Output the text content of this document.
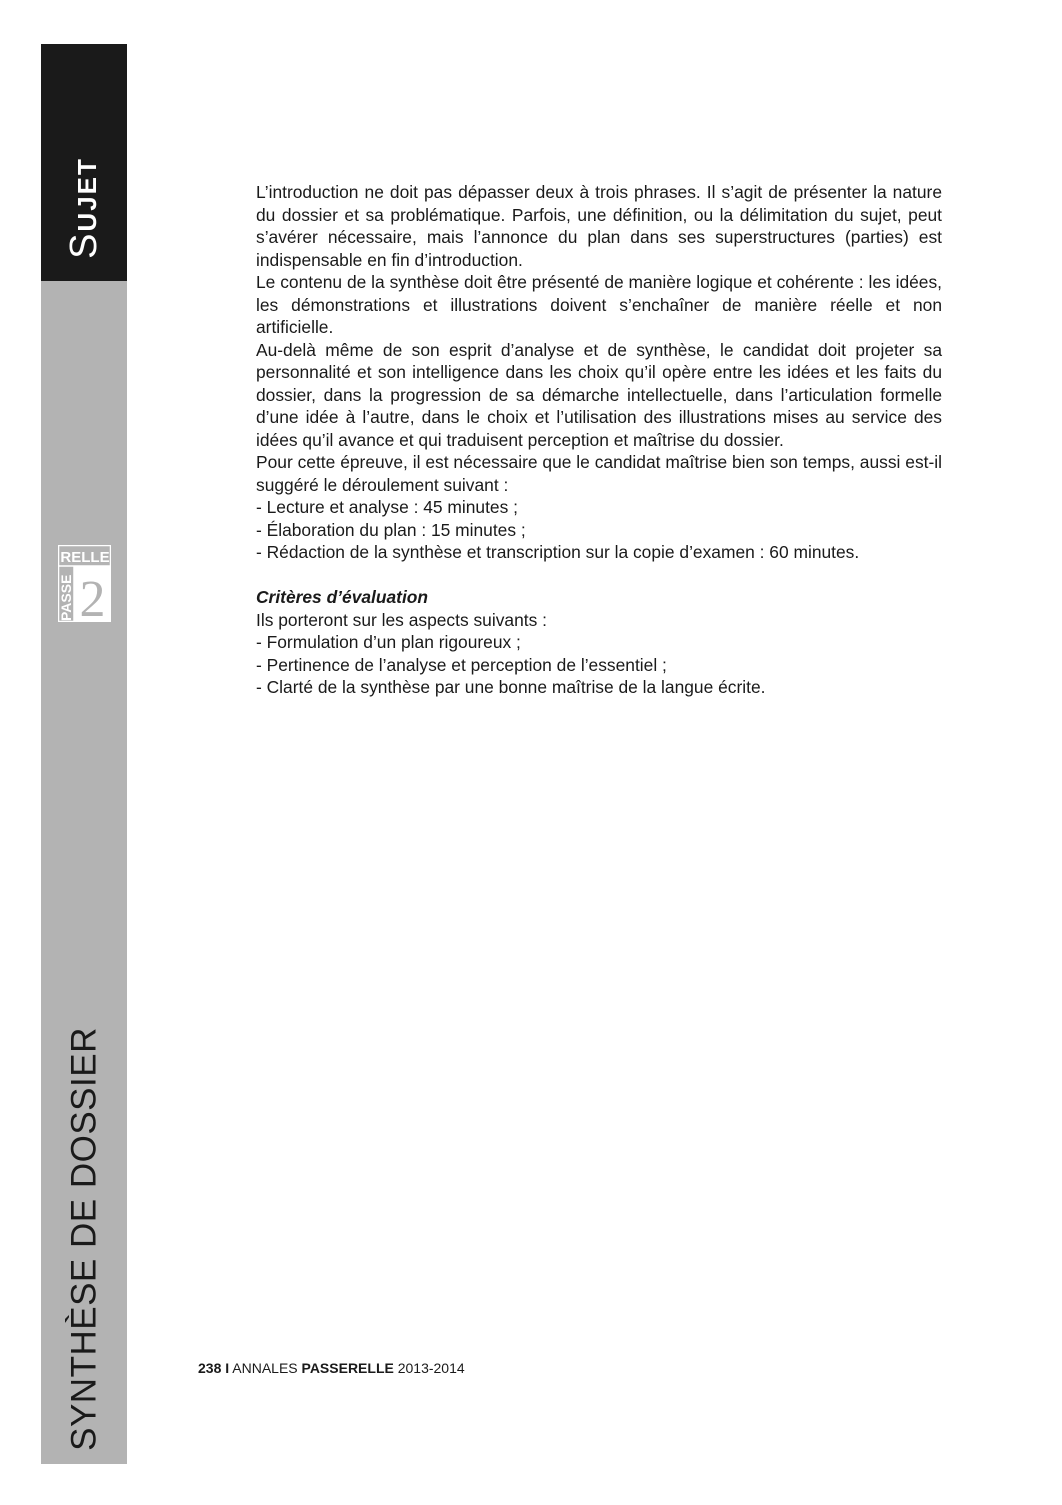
SUJET
RELLE
PASSE 2
SYNTHÈSE DE DOSSIER

L’introduction ne doit pas dépasser deux à trois phrases. Il s’agit de présenter la nature du dossier et sa problématique. Parfois, une définition, ou la délimitation du sujet, peut s’avérer nécessaire, mais l’annonce du plan dans ses superstructures (parties) est indispensable en fin d’introduction.

Le contenu de la synthèse doit être présenté de manière logique et cohérente : les idées, les démonstrations et illustrations doivent s’enchaîner de manière réelle et non artificielle.

Au-delà même de son esprit d’analyse et de synthèse, le candidat doit projeter sa personnalité et son intelligence dans les choix qu’il opère entre les idées et les faits du dossier, dans la progression de sa démarche intellectuelle, dans l’articulation formelle d’une idée à l’autre, dans le choix et l’utilisation des illustrations mises au service des idées qu’il avance et qui traduisent perception et maîtrise du dossier.

Pour cette épreuve, il est nécessaire que le candidat maîtrise bien son temps, aussi est-il suggéré le déroulement suivant :

- Lecture et analyse : 45 minutes ;

- Élaboration du plan : 15 minutes ;

- Rédaction de la synthèse et transcription sur la copie d’examen : 60 minutes.

Critères d’évaluation

Ils porteront sur les aspects suivants :

- Formulation d’un plan rigoureux ;

- Pertinence de l’analyse et perception de l’essentiel ;

- Clarté de la synthèse par une bonne maîtrise de la langue écrite.

238 I ANNALES PASSERELLE 2013-2014
